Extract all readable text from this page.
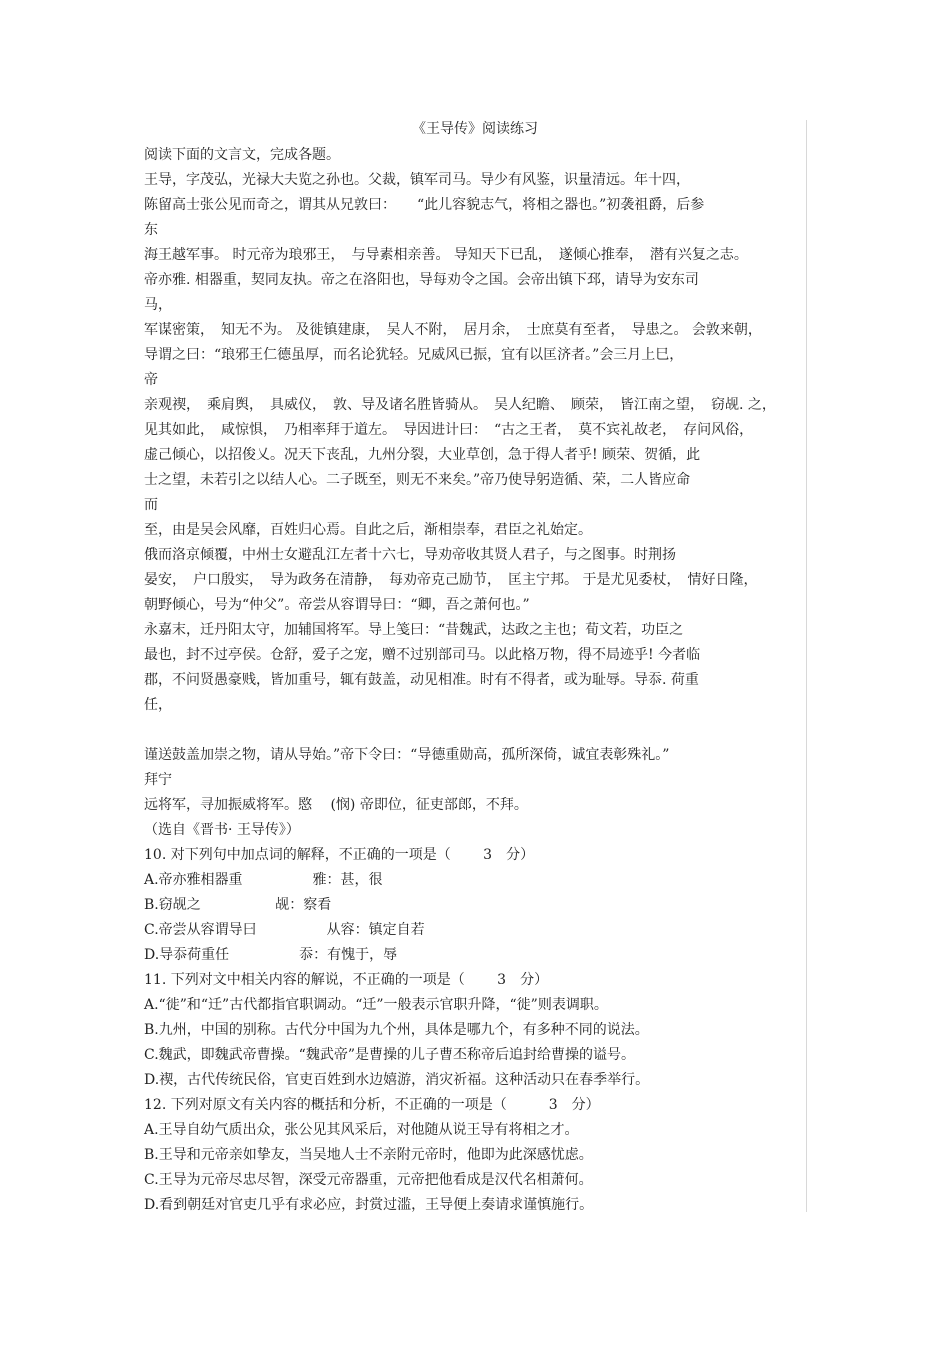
《王导传》阅读练习
阅读下面的文言文，完成各题。
王导，字茂弘，光禄大夫览之孙也。父裁，镇军司马。导少有风鉴，识量清远。年十四，
陈留高士张公见而奇之，谓其从兄敦曰：　　“此儿容貌志气，将相之器也。”初袭祖爵，后参
东
海王越军事。 时元帝为琅邪王，　与导素相亲善。 导知天下已乱，　遂倾心推奉，　潜有兴复之志。
帝亦雅. 相器重，契同友执。帝之在洛阳也，导每劝令之国。会帝出镇下邳，请导为安东司
马，
军谋密策，　知无不为。 及徙镇建康，　吴人不附，　居月余，　士庶莫有至者，　导患之。 会敦来朝，
导谓之曰：“琅邪王仁德虽厚，而名论犹轻。兄威风已振，宜有以匡济者。”会三月上巳，
帝
亲观禊，　乘肩舆，　具威仪，　敦、导及诸名胜皆骑从。　吴人纪瞻、　顾荣，　皆江南之望，　窃觇. 之，
见其如此，　咸惊惧，　乃相率拜于道左。　导因进计曰：　“古之王者，　莫不宾礼故老，　存问风俗，
虚己倾心，以招俊乂。况天下丧乱，九州分裂，大业草创，急于得人者乎! 顾荣、贺循，此
士之望，未若引之以结人心。二子既至，则无不来矣。”帝乃使导躬造循、荣，二人皆应命
而
至，由是吴会风靡，百姓归心焉。自此之后，渐相崇奉，君臣之礼始定。
俄而洛京倾覆，中州士女避乱江左者十六七，导劝帝收其贤人君子，与之图事。时荆扬
晏安，　户口殷实，　导为政务在清静，　每劝帝克己励节，　匡主宁邦。 于是尤见委杖，　情好日隆，
朝野倾心，号为“仲父”。帝尝从容谓导曰：“卿，吾之萧何也。”
永嘉末，迁丹阳太守，加辅国将军。导上笺曰：“昔魏武，达政之主也；荀文若，功臣之
最也，封不过亭侯。仓舒，爱子之宠，赠不过别部司马。以此格万物，得不局迹乎! 今者临
郡，不问贤愚豪贱，皆加重号，辄有鼓盖，动见相准。时有不得者，或为耻辱。导忝. 荷重
任，
谨送鼓盖加崇之物，请从导始。”帝下令曰：“导德重勋高，孤所深倚，诚宜表彰殊礼。”
拜宁
远将军，寻加振威将军。愍　 (悯) 帝即位，征吏部郎，不拜。
（选自《晋书· 王导传》）
10. 对下列句中加点词的解释，不正确的一项是（　　 3　分）
A.帝亦雅相器重　　　　　雅：甚，很
B.窃觇之　　　　　 觇：察看
C.帝尝从容谓导曰　　　　　从容：镇定自若
D.导忝荷重任　　　　　忝：有愧于，辱
11. 下列对文中相关内容的解说，不正确的一项是（　　 3　分）
A.“徙”和“迁”古代都指官职调动。“迁”一般表示官职升降，“徙”则表调职。
B.九州，中国的别称。古代分中国为九个州，具体是哪九个，有多种不同的说法。
C.魏武，即魏武帝曹操。“魏武帝”是曹操的儿子曹丕称帝后追封给曹操的谥号。
D.禊，古代传统民俗，官吏百姓到水边嬉游，消灾祈福。这种活动只在春季举行。
12. 下列对原文有关内容的概括和分析，不正确的一项是（　　　3　分）
A.王导自幼气质出众，张公见其风采后，对他随从说王导有将相之才。
B.王导和元帝亲如挚友，当吴地人士不亲附元帝时，他即为此深感忧虑。
C.王导为元帝尽忠尽智，深受元帝器重，元帝把他看成是汉代名相萧何。
D.看到朝廷对官吏几乎有求必应，封赏过滥，王导便上奏请求谨慎施行。
